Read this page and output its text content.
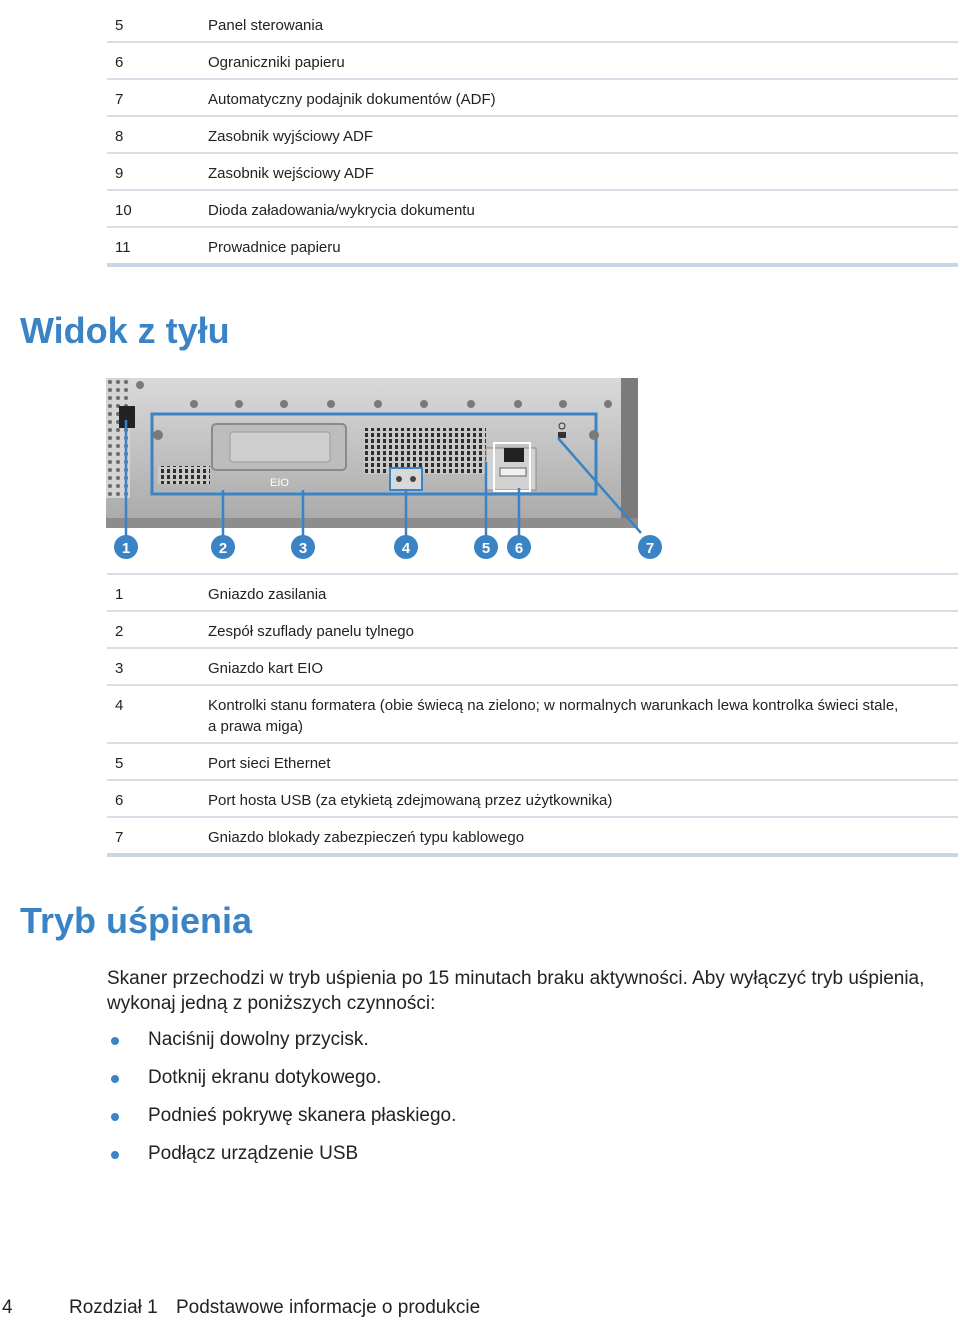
5	Panel sterowania
6	Ograniczniki papieru
7	Automatyczny podajnik dokumentów (ADF)
8	Zasobnik wyjściowy ADF
9	Zasobnik wejściowy ADF
10	Dioda załadowania/wykrycia dokumentu
11	Prowadnice papieru
Widok z tyłu
EIO
1	2	3	4	5 6	7
1	Gniazdo zasilania
2	Zespół szuflady panelu tylnego
3	Gniazdo kart EIO
4	Kontrolki stanu formatera (obie świecą na zielono; w normalnych warunkach lewa kontrolka świeci stale, a prawa miga)
5	Port sieci Ethernet
6	Port hosta USB (za etykietą zdejmowaną przez użytkownika)
7	Gniazdo blokady zabezpieczeń typu kablowego
Tryb uśpienia

Skaner przechodzi w tryb uśpienia po 15 minutach braku aktywności. Aby wyłączyć tryb uśpienia, wykonaj jedną z poniższych czynności:

Naciśnij dowolny przycisk.
Dotknij ekranu dotykowego.
Podnieś pokrywę skanera płaskiego.
Podłącz urządzenie USB
4	Rozdział 1 Podstawowe informacje o produkcie
